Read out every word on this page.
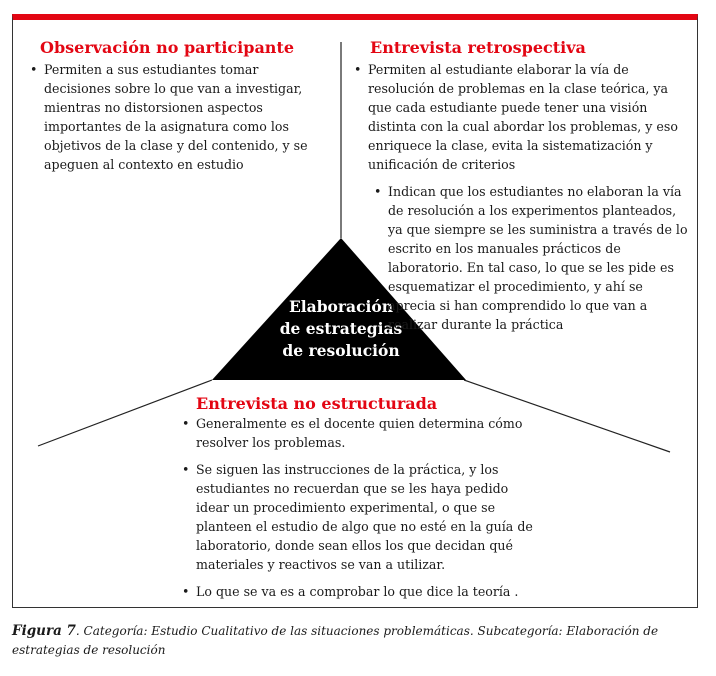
Elaboración
de estrategias
de resolución
Observación no participante
• Permiten a sus estudiantes tomar decisiones sobre lo que van a investigar, mientras no distorsionen aspectos importantes de la asignatura como los objetivos de la clase y del contenido, y se apeguen al contexto en estudio
Entrevista retrospectiva
• Permiten al estudiante elaborar la vía de resolución de problemas en la clase teórica, ya que cada estudiante puede tener una visión distinta con la cual abordar los problemas, y eso enriquece la clase, evita la sistematización y unificación de criterios
• Indican que los estudiantes no elaboran la vía de resolución a los experimentos planteados, ya que siempre se les suministra a través de lo escrito en los manuales prácticos de laboratorio. En tal caso, lo que se les pide es esquematizar el procedimiento, y ahí se aprecia si han comprendido lo que van a realizar durante la práctica
Entrevista no estructurada
• Generalmente es el docente quien determina cómo resolver los problemas.
• Se siguen las instrucciones de la práctica, y los estudiantes no recuerdan que se les haya pedido idear un procedimiento experimental, o que se planteen el estudio de algo que no esté en la guía de laboratorio, donde sean ellos los que decidan qué materiales y reactivos se van a utilizar.
• Lo que se va es a comprobar lo que dice la teoría .
Figura 7. Categoría: Estudio Cualitativo de las situaciones problemáticas. Subcategoría: Elaboración de estrategias de resolución
